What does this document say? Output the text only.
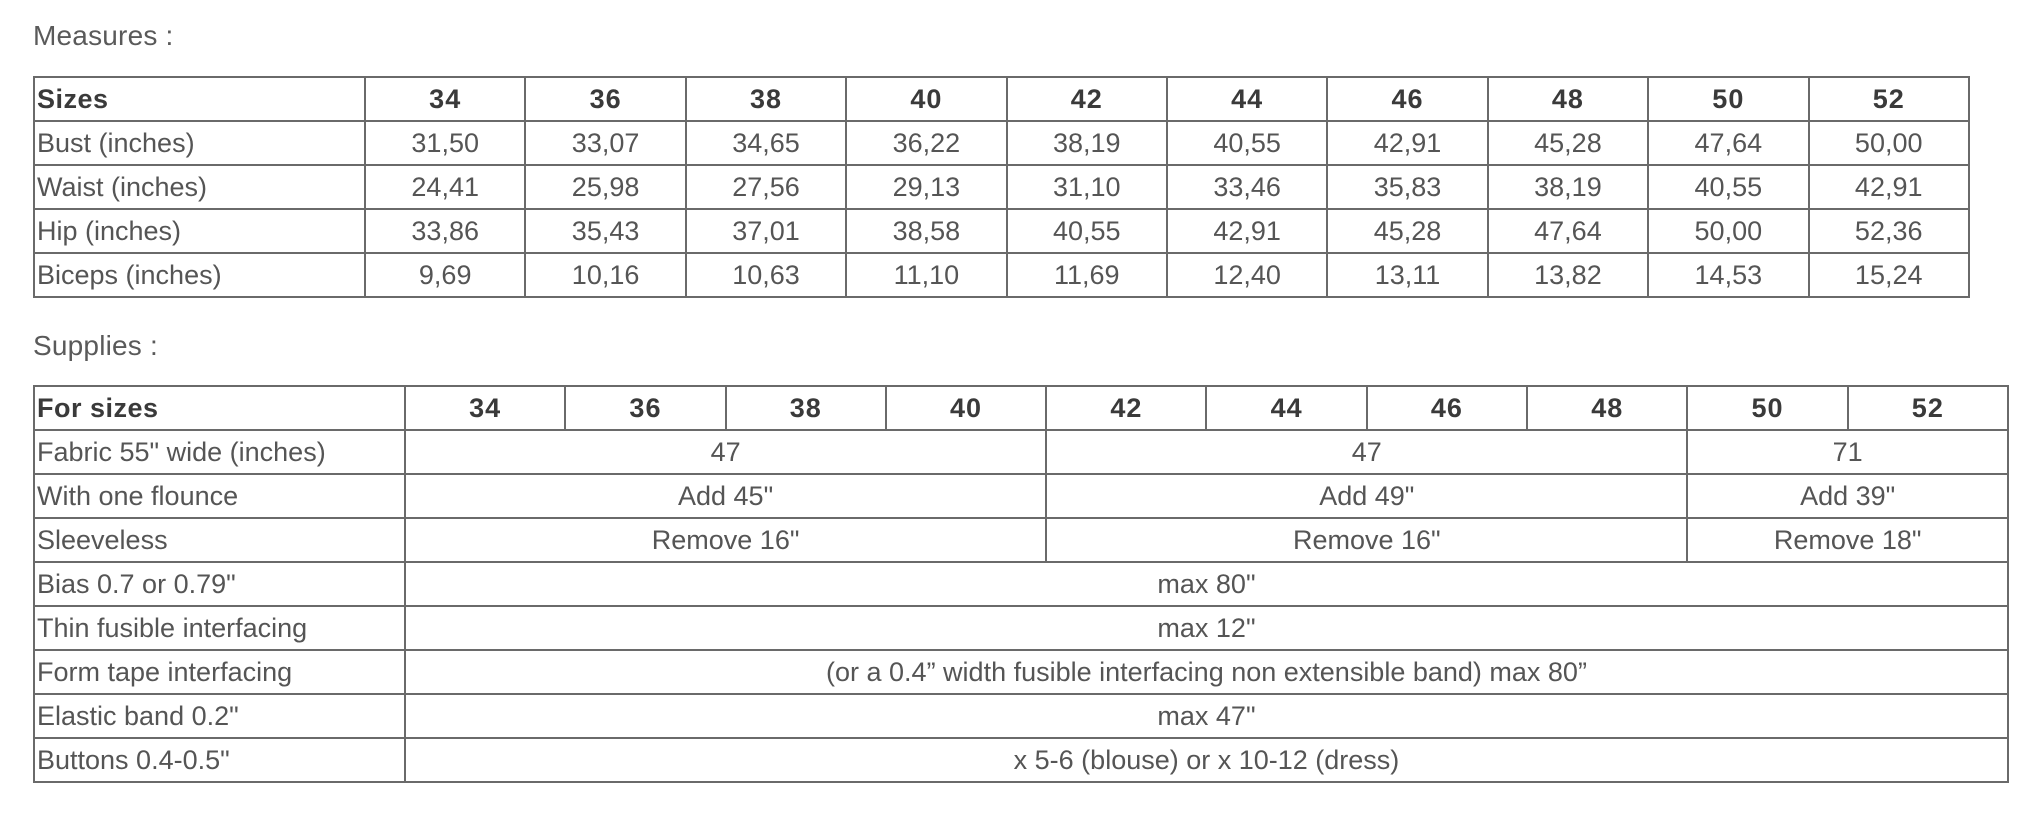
Measures :
Sizes	34	36	38	40	42	44	46	48	50	52
Bust (inches)	31,50	33,07	34,65	36,22	38,19	40,55	42,91	45,28	47,64	50,00
Waist (inches)	24,41	25,98	27,56	29,13	31,10	33,46	35,83	38,19	40,55	42,91
Hip (inches)	33,86	35,43	37,01	38,58	40,55	42,91	45,28	47,64	50,00	52,36
Biceps (inches)	9,69	10,16	10,63	11,10	11,69	12,40	13,11	13,82	14,53	15,24
Supplies :
For sizes	34	36	38	40	42	44	46	48	50	52
Fabric 55" wide (inches)	47				47				71	
With one flounce	Add 45"				Add 49"				Add 39"	
Sleeveless	Remove 16"				Remove 16"				Remove 18"	
Bias 0.7 or 0.79"	max 80"									
Thin fusible interfacing	max 12"									
Form tape interfacing	(or a 0.4” width fusible interfacing non extensible band) max 80”									
Elastic band 0.2"	max 47"									
Buttons 0.4-0.5"	x 5-6 (blouse) or x 10-12 (dress)									
